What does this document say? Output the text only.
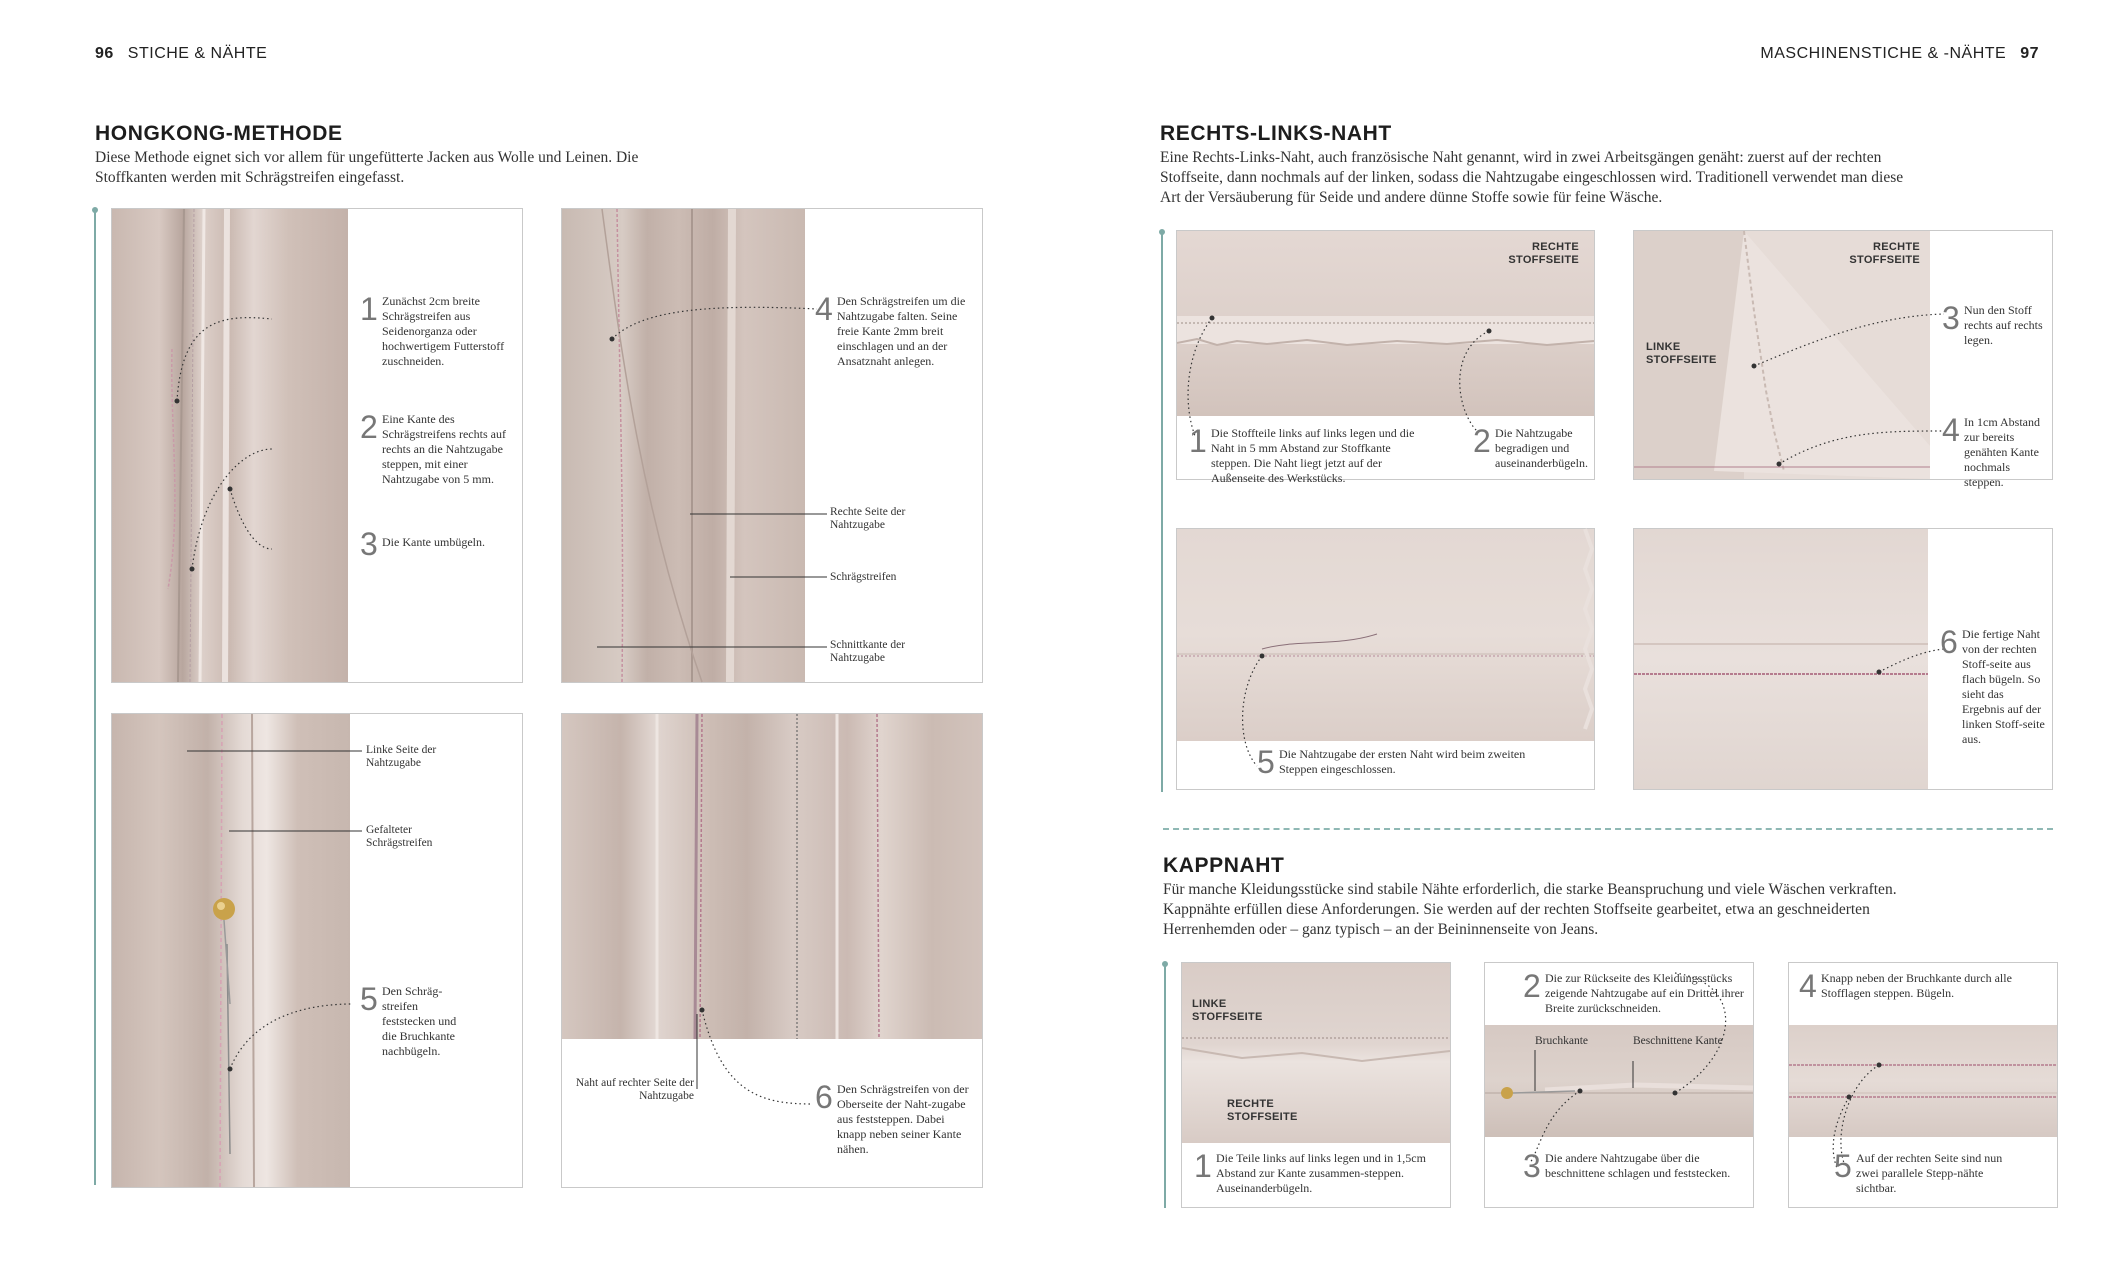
96 STICHE & NÄHTE	MASCHINENSTICHE & -NÄHTE 97
HONGKONG-METHODE
Diese Methode eignet sich vor allem für ungefütterte Jacken aus Wolle und Leinen. Die Stoffkanten werden mit Schrägstreifen eingefasst.
1 Zunächst 2cm breite Schrägstreifen aus Seidenorganza oder hochwertigem Futterstoff zuschneiden.
2 Eine Kante des Schrägstreifens rechts auf rechts an die Nahtzugabe steppen, mit einer Nahtzugabe von 5 mm.
3 Die Kante umbügeln.
4 Den Schrägstreifen um die Nahtzugabe falten. Seine freie Kante 2mm breit einschlagen und an der Ansatznaht anlegen.
Rechte Seite der Nahtzugabe
Schrägstreifen
Schnittkante der Nahtzugabe
Linke Seite der Nahtzugabe
Gefalteter Schrägstreifen
5 Den Schräg-streifen feststecken und die Bruchkante nachbügeln.
Naht auf rechter Seite der Nahtzugabe	6 Den Schrägstreifen von der Oberseite der Naht-zugabe aus feststeppen. Dabei knapp neben seiner Kante nähen.
RECHTS-LINKS-NAHT
Eine Rechts-Links-Naht, auch französische Naht genannt, wird in zwei Arbeitsgängen genäht: zuerst auf der rechten Stoffseite, dann nochmals auf der linken, sodass die Nahtzugabe eingeschlossen wird. Traditionell verwendet man diese Art der Versäuberung für Seide und andere dünne Stoffe sowie für feine Wäsche.
RECHTE STOFFSEITE
1 Die Stoffteile links auf links legen und die Naht in 5 mm Abstand zur Stoffkante steppen. Die Naht liegt jetzt auf der Außenseite des Werkstücks.
2 Die Nahtzugabe begradigen und auseinanderbügeln.
RECHTE STOFFSEITE
LINKE STOFFSEITE
3 Nun den Stoff rechts auf rechts legen.
4 In 1cm Abstand zur bereits genähten Kante nochmals steppen.
5 Die Nahtzugabe der ersten Naht wird beim zweiten Steppen eingeschlossen.
6 Die fertige Naht von der rechten Stoff-seite aus flach bügeln. So sieht das Ergebnis auf der linken Stoff-seite aus.
KAPPNAHT
Für manche Kleidungsstücke sind stabile Nähte erforderlich, die starke Beanspruchung und viele Wäschen verkraften. Kappnähte erfüllen diese Anforderungen. Sie werden auf der rechten Stoffseite gearbeitet, etwa an geschneiderten Herrenhemden oder – ganz typisch – an der Beininnenseite von Jeans.
LINKE STOFFSEITE
RECHTE STOFFSEITE
1 Die Teile links auf links legen und in 1,5cm Abstand zur Kante zusammen-steppen. Auseinanderbügeln.
Bruchkante	Beschnittene Kante
2 Die zur Rückseite des Kleidungsstücks zeigende Nahtzugabe auf ein Drittel ihrer Breite zurückschneiden.
3 Die andere Nahtzugabe über die beschnittene schlagen und feststecken.
4 Knapp neben der Bruchkante durch alle Stofflagen steppen. Bügeln.
5 Auf der rechten Seite sind nun zwei parallele Stepp-nähte sichtbar.
